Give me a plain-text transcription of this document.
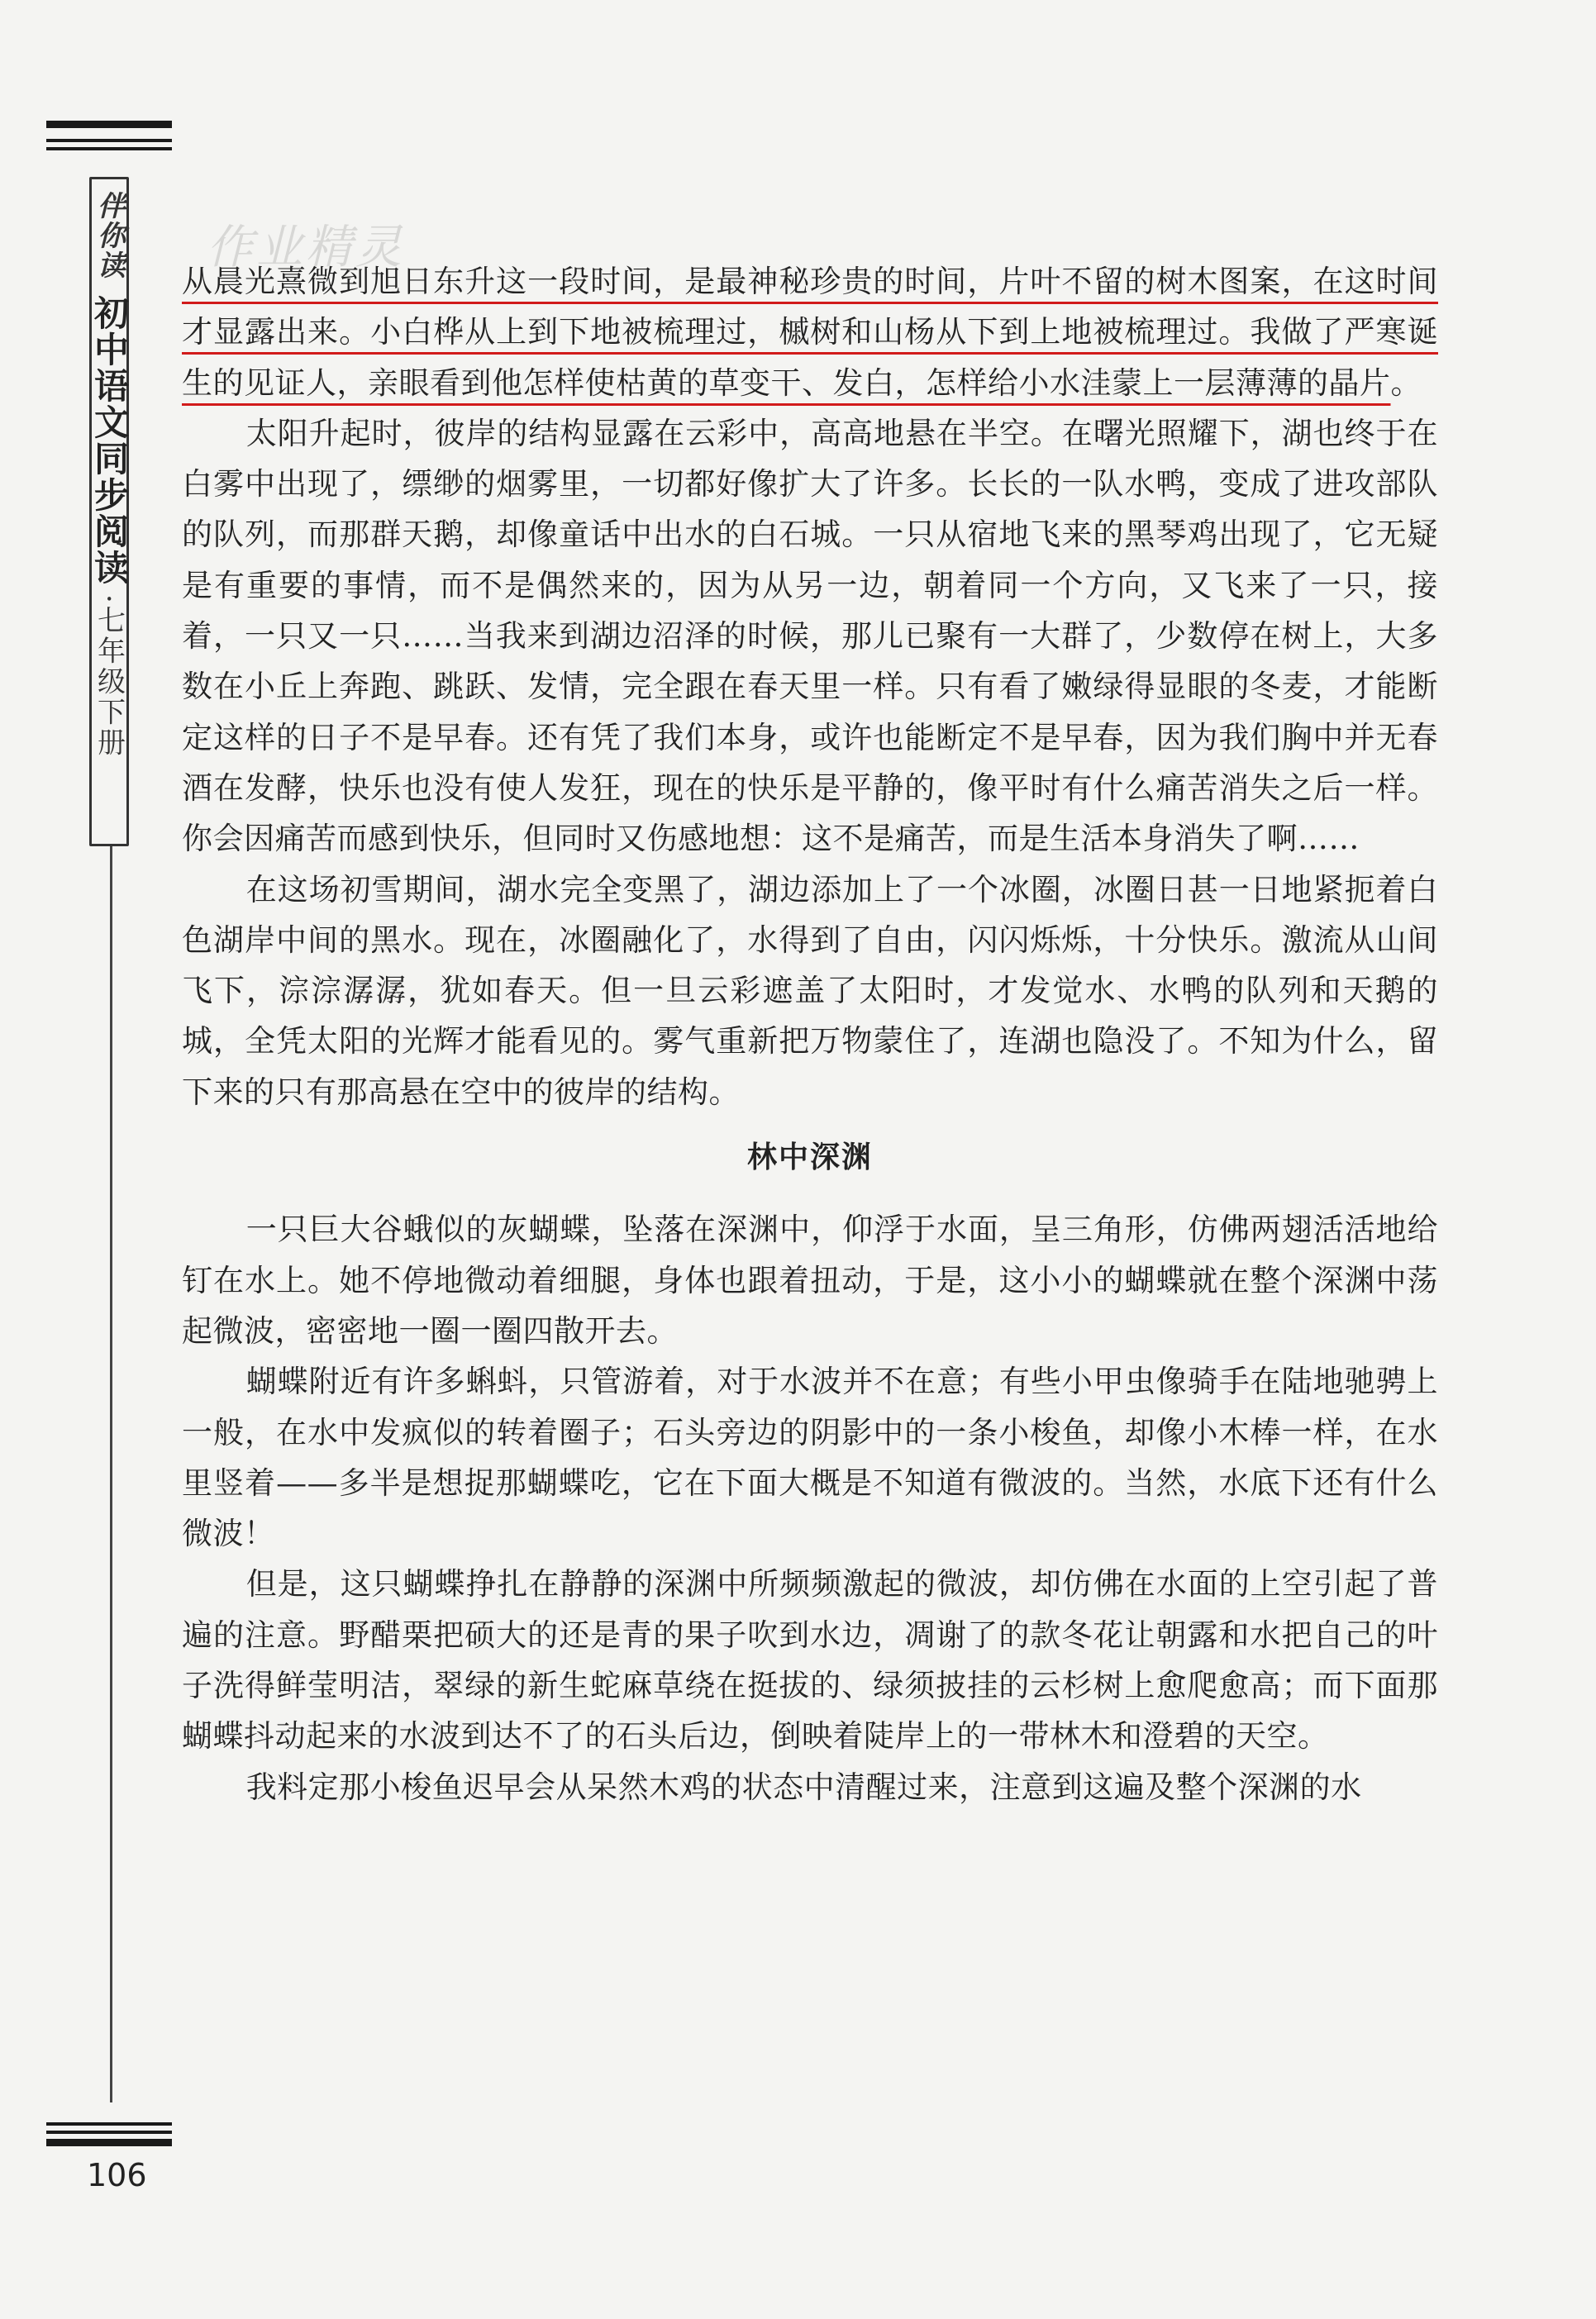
伴你读
初中语文同步阅读
·七年级下册
作业精灵

从晨光熹微到旭日东升这一段时间，是最神秘珍贵的时间，片叶不留的树木图案，在这时间才显露出来。小白桦从上到下地被梳理过，槭树和山杨从下到上地被梳理过。我做了严寒诞生的见证人，亲眼看到他怎样使枯黄的草变干、发白，怎样给小水洼蒙上一层薄薄的晶片。

太阳升起时，彼岸的结构显露在云彩中，高高地悬在半空。在曙光照耀下，湖也终于在白雾中出现了，缥缈的烟雾里，一切都好像扩大了许多。长长的一队水鸭，变成了进攻部队的队列，而那群天鹅，却像童话中出水的白石城。一只从宿地飞来的黑琴鸡出现了，它无疑是有重要的事情，而不是偶然来的，因为从另一边，朝着同一个方向，又飞来了一只，接着，一只又一只……当我来到湖边沼泽的时候，那儿已聚有一大群了，少数停在树上，大多数在小丘上奔跑、跳跃、发情，完全跟在春天里一样。只有看了嫩绿得显眼的冬麦，才能断定这样的日子不是早春。还有凭了我们本身，或许也能断定不是早春，因为我们胸中并无春酒在发酵，快乐也没有使人发狂，现在的快乐是平静的，像平时有什么痛苦消失之后一样。你会因痛苦而感到快乐，但同时又伤感地想：这不是痛苦，而是生活本身消失了啊……

在这场初雪期间，湖水完全变黑了，湖边添加上了一个冰圈，冰圈日甚一日地紧扼着白色湖岸中间的黑水。现在，冰圈融化了，水得到了自由，闪闪烁烁，十分快乐。激流从山间飞下，淙淙潺潺，犹如春天。但一旦云彩遮盖了太阳时，才发觉水、水鸭的队列和天鹅的城，全凭太阳的光辉才能看见的。雾气重新把万物蒙住了，连湖也隐没了。不知为什么，留下来的只有那高悬在空中的彼岸的结构。

林中深渊

一只巨大谷蛾似的灰蝴蝶，坠落在深渊中，仰浮于水面，呈三角形，仿佛两翅活活地给钉在水上。她不停地微动着细腿，身体也跟着扭动，于是，这小小的蝴蝶就在整个深渊中荡起微波，密密地一圈一圈四散开去。

蝴蝶附近有许多蝌蚪，只管游着，对于水波并不在意；有些小甲虫像骑手在陆地驰骋上一般，在水中发疯似的转着圈子；石头旁边的阴影中的一条小梭鱼，却像小木棒一样，在水里竖着——多半是想捉那蝴蝶吃，它在下面大概是不知道有微波的。当然，水底下还有什么微波！

但是，这只蝴蝶挣扎在静静的深渊中所频频激起的微波，却仿佛在水面的上空引起了普遍的注意。野醋栗把硕大的还是青的果子吹到水边，凋谢了的款冬花让朝露和水把自己的叶子洗得鲜莹明洁，翠绿的新生蛇麻草绕在挺拔的、绿须披挂的云杉树上愈爬愈高；而下面那蝴蝶抖动起来的水波到达不了的石头后边，倒映着陡岸上的一带林木和澄碧的天空。

我料定那小梭鱼迟早会从呆然木鸡的状态中清醒过来，注意到这遍及整个深渊的水

106
